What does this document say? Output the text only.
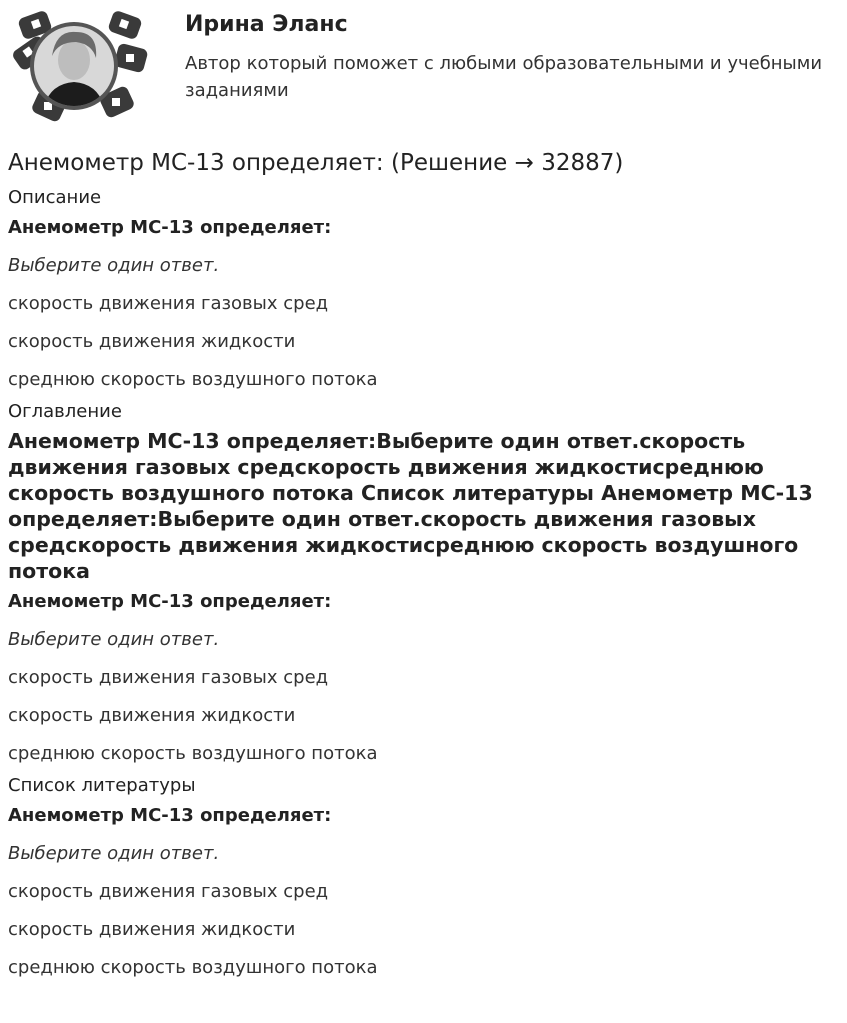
Ирина Эланс
Автор который поможет с любыми образовательными и учебными заданиями
Анемометр МС-13 определяет: (Решение → 32887)
Описание
Анемометр МС-13 определяет:
Выберите один ответ.
скорость движения газовых сред
скорость движения жидкости
среднюю скорость воздушного потока
Оглавление
Анемометр МС-13 определяет:Выберите один ответ.скорость движения газовых средскорость движения жидкостисреднюю скорость воздушного потока Список литературы Анемометр МС-13 определяет:Выберите один ответ.скорость движения газовых средскорость движения жидкостисреднюю скорость воздушного потока
Анемометр МС-13 определяет:
Выберите один ответ.
скорость движения газовых сред
скорость движения жидкости
среднюю скорость воздушного потока
Список литературы
Анемометр МС-13 определяет:
Выберите один ответ.
скорость движения газовых сред
скорость движения жидкости
среднюю скорость воздушного потока
